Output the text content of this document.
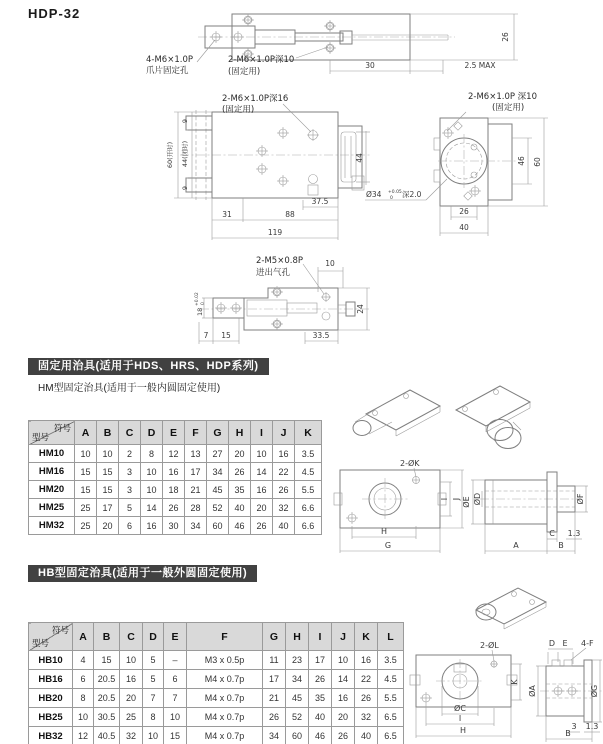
HDP-32
4-M6×1.0P
爪片固定孔
2-M6×1.0P深10
(固定用)
30	2.5 MAX
26
2-M6×1.0P深16
(固定用)
60(开时) 44(闭时)
9
9
44
37.5
31	88
119
2-M6×1.0P 深10
(固定用)
46 60
26
40
Ø34 +0.05
0 深2.0
2-M5×0.8P
进出气孔
10
24
18
+0.02 0
7 15	33.5
固定用治具(适用于HDS、HRS、HDP系列)
HM型固定治具(适用于一般内圆固定使用)
符号
型号	A	B	C	D	E	F	G	H	I	J	K
HM10	10	10	2	8	12	13	27	20	10	16	3.5
HM16	15	15	3	10	16	17	34	26	14	22	4.5
HM20	15	15	3	10	18	21	45	35	16	26	5.5
HM25	25	17	5	14	26	28	52	40	20	32	6.6
HM32	25	20	6	16	30	34	60	46	26	40	6.6
2-ØK
H
G
I J ØE ØD	ØF
C 1.3
A	B
HB型固定治具(适用于一般外圆固定使用)
符号
型号	A	B	C	D	E	F	G	H	I	J	K	L
HB10	4	15	10	5	–	M3 x 0.5p	11	23	17	10	16	3.5
HB16	6	20.5	16	5	6	M4 x 0.7p	17	34	26	14	22	4.5
HB20	8	20.5	20	7	7	M4 x 0.7p	21	45	35	16	26	5.5
HB25	10	30.5	25	8	10	M4 x 0.7p	26	52	40	20	32	6.5
HB32	12	40.5	32	10	15	M4 x 0.7p	34	60	46	26	40	6.5
2-ØL
K
ØC
I
H
D E 4-F
ØA	ØG
3 1.3
B
